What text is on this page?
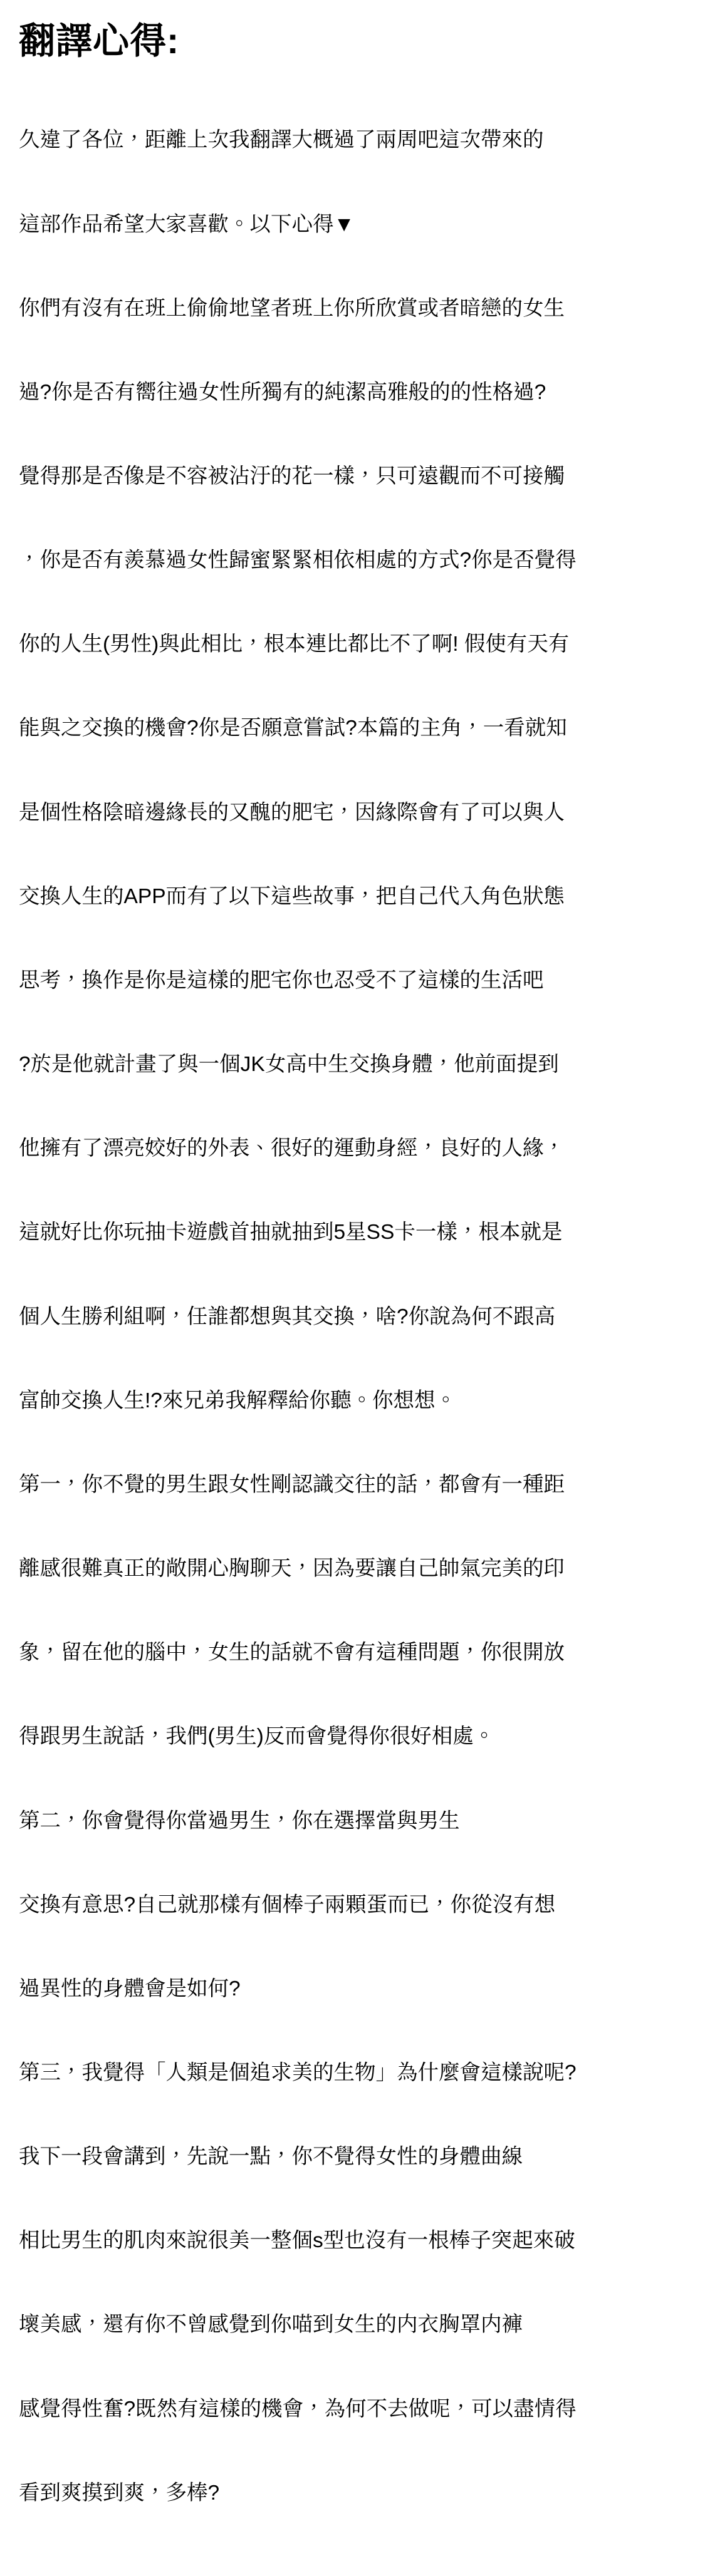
翻譯心得:

久違了各位，距離上次我翻譯大概過了兩周吧這次帶來的

這部作品希望大家喜歡。以下心得▼

你們有沒有在班上偷偷地望者班上你所欣賞或者暗戀的女生

過?你是否有嚮往過女性所獨有的純潔高雅般的的性格過?

覺得那是否像是不容被沾汙的花一樣，只可遠觀而不可接觸

，你是否有羨慕過女性歸蜜緊緊相依相處的方式?你是否覺得

你的人生(男性)與此相比，根本連比都比不了啊! 假使有天有

能與之交換的機會?你是否願意嘗試?本篇的主角，一看就知

是個性格陰暗邊緣長的又醜的肥宅，因緣際會有了可以與人

交換人生的APP而有了以下這些故事，把自己代入角色狀態

思考，換作是你是這樣的肥宅你也忍受不了這樣的生活吧

?於是他就計畫了與一個JK女高中生交換身體，他前面提到

他擁有了漂亮姣好的外表、很好的運動身經，良好的人緣，

這就好比你玩抽卡遊戲首抽就抽到5星SS卡一樣，根本就是

個人生勝利組啊，任誰都想與其交換，啥?你說為何不跟高

富帥交換人生!?來兄弟我解釋給你聽。你想想。

第一，你不覺的男生跟女性剛認識交往的話，都會有一種距

離感很難真正的敞開心胸聊天，因為要讓自己帥氣完美的印

象，留在他的腦中，女生的話就不會有這種問題，你很開放

得跟男生說話，我們(男生)反而會覺得你很好相處。

第二，你會覺得你當過男生，你在選擇當與男生

交換有意思?自己就那樣有個棒子兩顆蛋而已，你從沒有想

過異性的身體會是如何?

第三，我覺得「人類是個追求美的生物」為什麼會這樣說呢?

我下一段會講到，先說一點，你不覺得女性的身體曲線

相比男生的肌肉來說很美一整個s型也沒有一根棒子突起來破

壞美感，還有你不曾感覺到你喵到女生的内衣胸罩内褲

感覺得性奮?既然有這樣的機會，為何不去做呢，可以盡情得

看到爽摸到爽，多棒?
